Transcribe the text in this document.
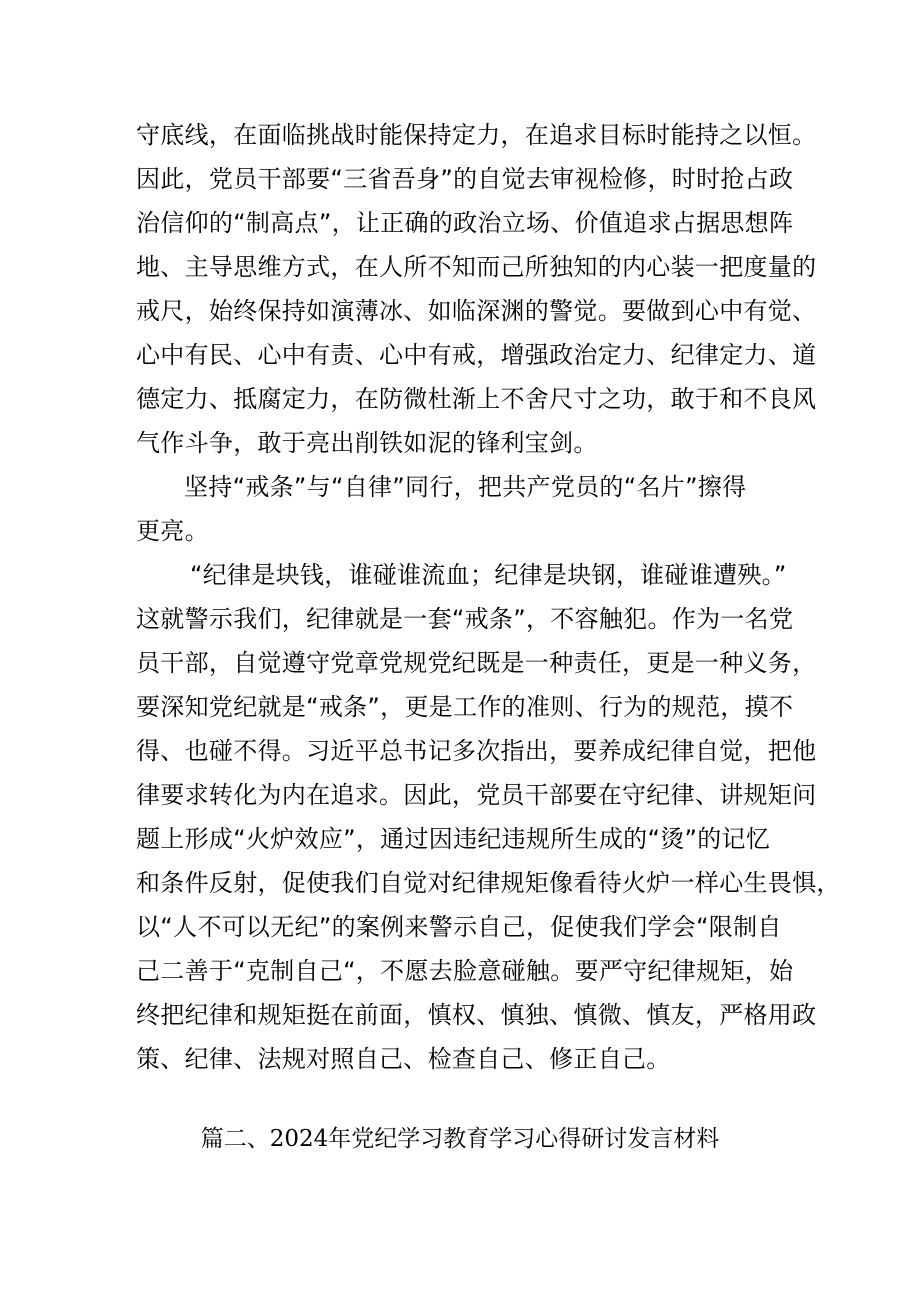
守底线，在面临挑战时能保持定力，在追求目标时能持之以恒。
因此，党员干部要“三省吾身”的自觉去审视检修，时时抢占政
治信仰的“制高点”，让正确的政治立场、价值追求占据思想阵
地、主导思维方式，在人所不知而己所独知的内心装一把度量的
戒尺，始终保持如演薄冰、如临深渊的警觉。要做到心中有觉、
心中有民、心中有责、心中有戒，增强政治定力、纪律定力、道
德定力、抵腐定力，在防微杜渐上不舍尺寸之功，敢于和不良风
气作斗争，敢于亮出削铁如泥的锋利宝剑。
坚持“戒条”与“自律”同行，把共产党员的“名片”擦得
更亮。
“纪律是块钱，谁碰谁流血；纪律是块钢，谁碰谁遭殃。”
这就警示我们，纪律就是一套“戒条”，不容触犯。作为一名党
员干部，自觉遵守党章党规党纪既是一种责任，更是一种义务，
要深知党纪就是“戒条”，更是工作的准则、行为的规范，摸不
得、也碰不得。习近平总书记多次指出，要养成纪律自觉，把他
律要求转化为内在追求。因此，党员干部要在守纪律、讲规矩问
题上形成“火炉效应”，通过因违纪违规所生成的“烫”的记忆
和条件反射，促使我们自觉对纪律规矩像看待火炉一样心生畏惧，
以“人不可以无纪”的案例来警示自己，促使我们学会“限制自
己二善于“克制自己“，不愿去脸意碰触。要严守纪律规矩，始
终把纪律和规矩挺在前面，慎权、慎独、慎微、慎友，严格用政
策、纪律、法规对照自己、检查自己、修正自己。
篇二、2024年党纪学习教育学习心得研讨发言材料
